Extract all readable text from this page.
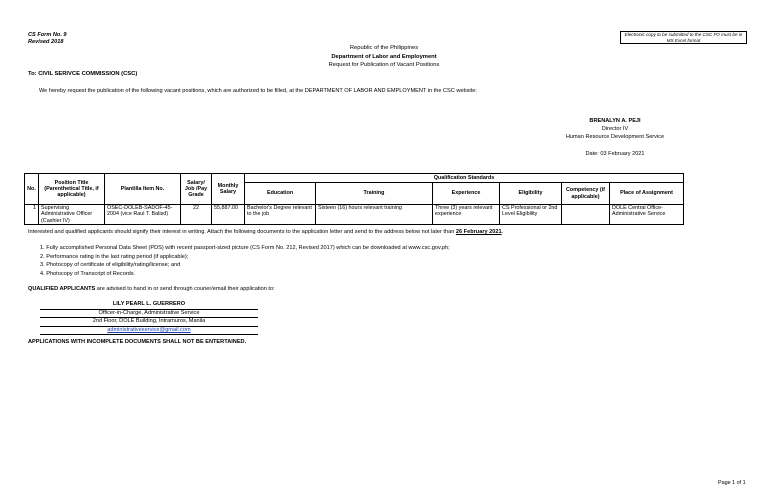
CS Form No. 9
Revised 2018
Electronic copy to be submitted to the CSC FO must be in MS Excel format
Republic of the Philippines
Department of Labor and Employment
Request for Publication of Vacant Positions
To: CIVIL SERIVCE COMMISSION (CSC)
We hereby request the publication of the following vacant positions, which are authorized to be filled, at the DEPARTMENT OF LABOR AND EMPLOYMENT in the CSC website:
BRENALYN A. PEJI
Director IV
Human Resource Development Service
Date: 03 February 2021
No.	Position Title (Parenthetical Title, if applicable)	Plantilla Item No.	Salary/ Job /Pay Grade	Monthly Salary	Qualification Standards					
					Education	Training	Experience	Eligibility	Competency (if applicable)	Place of Assignment
1	Supervising Administrative Officer (Cashier IV)	OSEC-DOLEB-SADOF-45-2004 (vice Raul T. Balisd)	22	55,887.00	Bachelor's Degree relevant to the job	Sixteen (16) hours relevant training	Three (3) years relevant experience	CS Professional or 2nd Level Eligibility		DOLE Central Office-Administrative Service
Interested and qualified applicants should signify their interest in writing. Attach the following documents to the application letter and send to the address below not later than 26 February 2021.
1. Fully accomplished Personal Data Sheet (PDS) with recent passport-sized picture (CS Form No. 212, Revised 2017) which can be downloaded at www.csc.gov.ph;
2. Performance rating in the last rating period (if applicable);
3. Photocopy of certificate of eligibility/rating/license; and
4. Photocopy of Transcript of Records.
QUALIFIED APPLICANTS are advised to hand in or send through courier/email their application to:
LILY PEARL L. GUERRERO
Officer-in-Charge, Administrative Service
2nd Floor, DOLE Building, Intramuros, Manila
administrativeservice@gmail.com
APPLICATIONS WITH INCOMPLETE DOCUMENTS SHALL NOT BE ENTERTAINED.
Page 1 of 1
